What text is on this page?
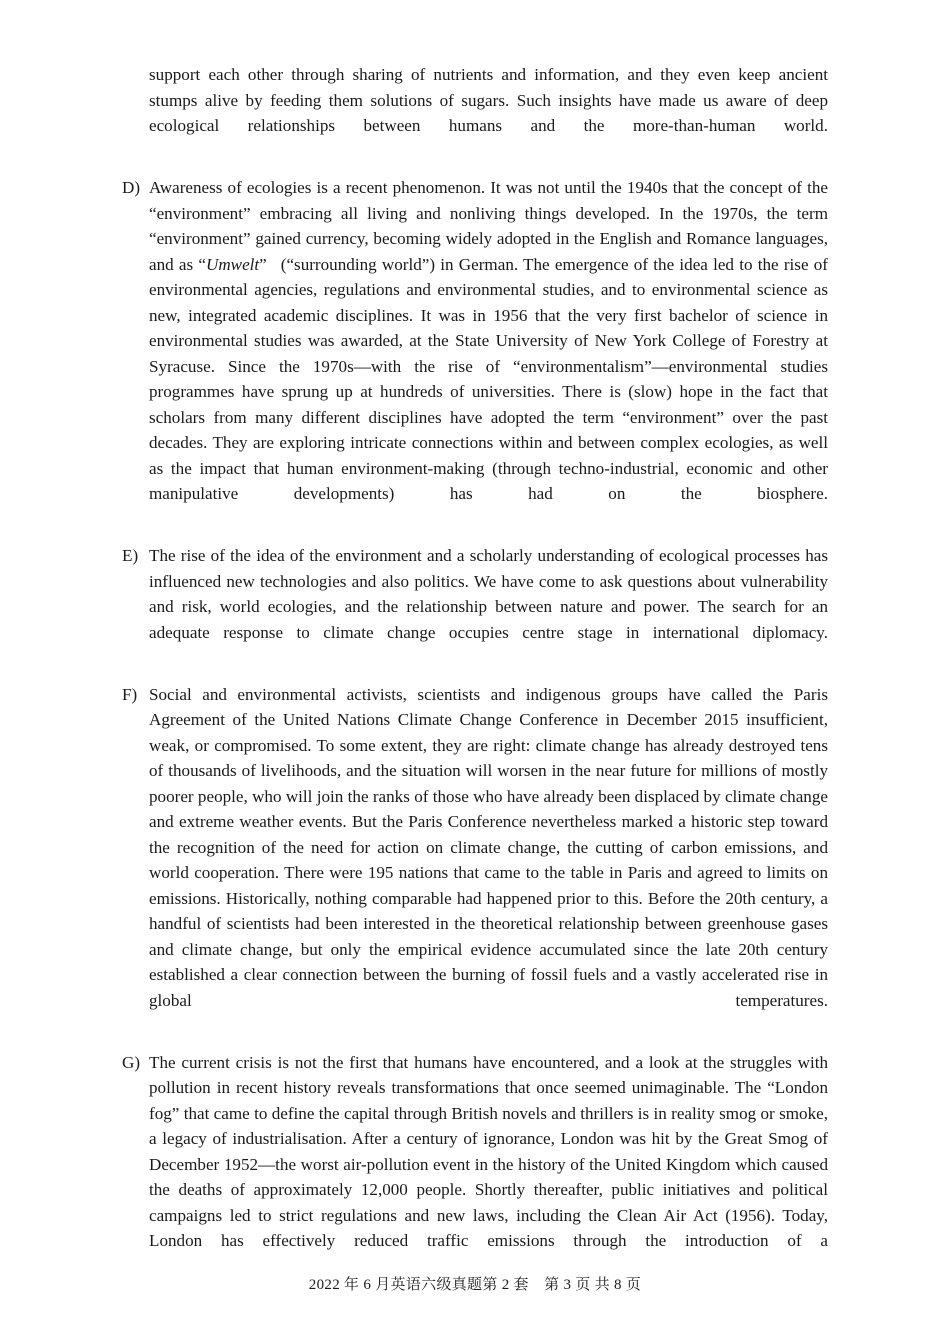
support each other through sharing of nutrients and information, and they even keep ancient stumps alive by feeding them solutions of sugars. Such insights have made us aware of deep ecological relationships between humans and the more-than-human world.

D) Awareness of ecologies is a recent phenomenon. It was not until the 1940s that the concept of the “environment” embracing all living and nonliving things developed. In the 1970s, the term “environment” gained currency, becoming widely adopted in the English and Romance languages, and as “Umwelt” (“surrounding world”) in German. The emergence of the idea led to the rise of environmental agencies, regulations and environmental studies, and to environmental science as new, integrated academic disciplines. It was in 1956 that the very first bachelor of science in environmental studies was awarded, at the State University of New York College of Forestry at Syracuse. Since the 1970s—with the rise of “environmentalism”—environmental studies programmes have sprung up at hundreds of universities. There is (slow) hope in the fact that scholars from many different disciplines have adopted the term “environment” over the past decades. They are exploring intricate connections within and between complex ecologies, as well as the impact that human environment-making (through techno-industrial, economic and other manipulative developments) has had on the biosphere.

E) The rise of the idea of the environment and a scholarly understanding of ecological processes has influenced new technologies and also politics. We have come to ask questions about vulnerability and risk, world ecologies, and the relationship between nature and power. The search for an adequate response to climate change occupies centre stage in international diplomacy.

F) Social and environmental activists, scientists and indigenous groups have called the Paris Agreement of the United Nations Climate Change Conference in December 2015 insufficient, weak, or compromised. To some extent, they are right: climate change has already destroyed tens of thousands of livelihoods, and the situation will worsen in the near future for millions of mostly poorer people, who will join the ranks of those who have already been displaced by climate change and extreme weather events. But the Paris Conference nevertheless marked a historic step toward the recognition of the need for action on climate change, the cutting of carbon emissions, and world cooperation. There were 195 nations that came to the table in Paris and agreed to limits on emissions. Historically, nothing comparable had happened prior to this. Before the 20th century, a handful of scientists had been interested in the theoretical relationship between greenhouse gases and climate change, but only the empirical evidence accumulated since the late 20th century established a clear connection between the burning of fossil fuels and a vastly accelerated rise in global temperatures.

G) The current crisis is not the first that humans have encountered, and a look at the struggles with pollution in recent history reveals transformations that once seemed unimaginable. The “London fog” that came to define the capital through British novels and thrillers is in reality smog or smoke, a legacy of industrialisation. After a century of ignorance, London was hit by the Great Smog of December 1952—the worst air-pollution event in the history of the United Kingdom which caused the deaths of approximately 12,000 people. Shortly thereafter, public initiatives and political campaigns led to strict regulations and new laws, including the Clean Air Act (1956). Today, London has effectively reduced traffic emissions through the introduction of a

2022 年 6 月英语六级真题第 2 套　第 3 页 共 8 页
